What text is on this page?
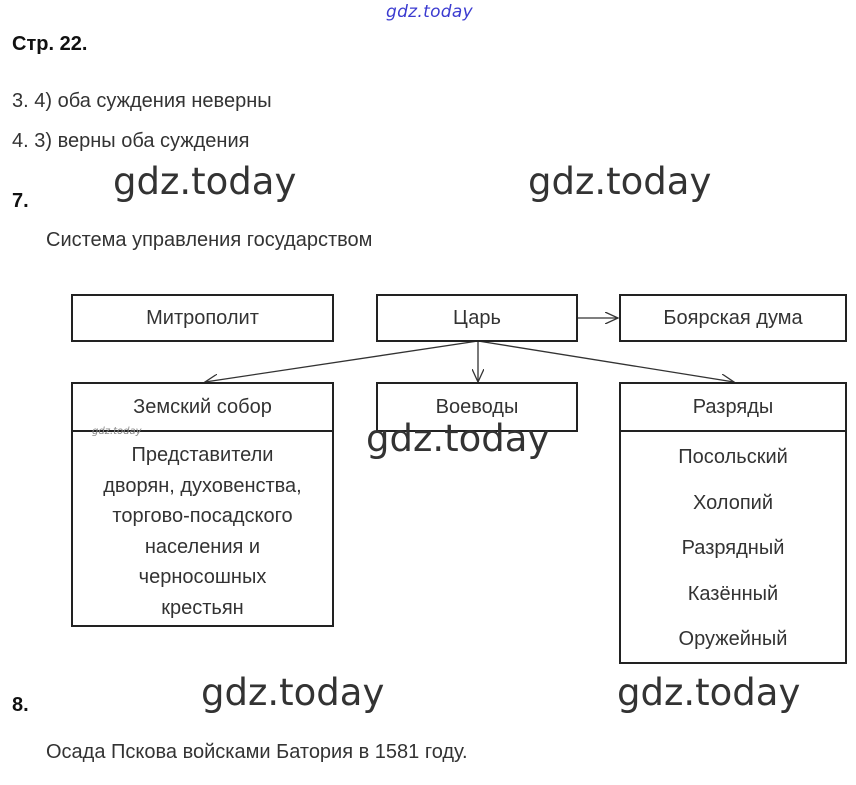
gdz.today
gdz.today	gdz.today
Стр. 22.
3. 4) оба суждения неверны
4. 3) верны оба суждения
7.
Система управления государством
Митрополит	Царь	Боярская дума
Земский собор
Представители
дворян, духовенства,
торгово-посадского
населения и
черносошных
крестьян
gdz.today
Воеводы
gdz.today
Разряды
Посольский
Холопий
Разрядный
Казённый
Оружейный
gdz.today	gdz.today
8.
Осада Пскова войсками Батория в 1581 году.
